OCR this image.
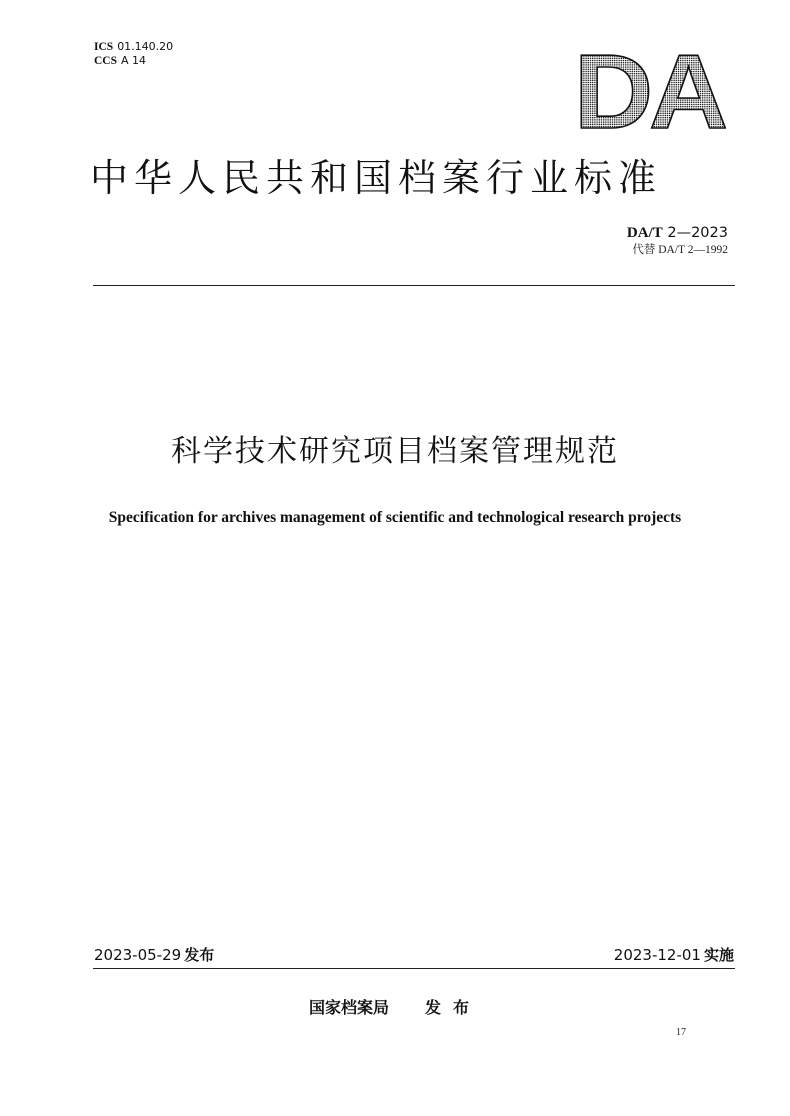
ICS 01.140.20
CCS A 14	DA
中华人民共和国档案行业标准
DA/T 2—2023
代替 DA/T 2—1992
科学技术研究项目档案管理规范
Specification for archives management of scientific and technological research projects
2023-05-29 发布	2023-12-01 实施
国家档案局 发布
17
